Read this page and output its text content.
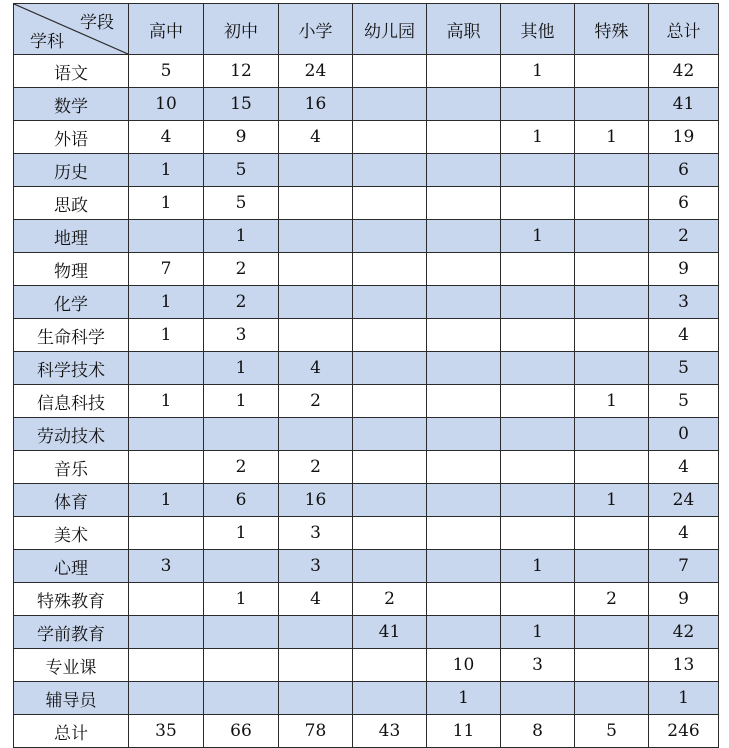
学段
学科	高中	初中	小学	幼儿园	高职	其他	特殊	总计
语文	5	12	24			1		42
数学	10	15	16					41
外语	4	9	4			1	1	19
历史	1	5						6
思政	1	5						6
地理		1				1		2
物理	7	2						9
化学	1	2						3
生命科学	1	3						4
科学技术		1	4					5
信息科技	1	1	2				1	5
劳动技术								0
音乐		2	2					4
体育	1	6	16				1	24
美术		1	3					4
心理	3		3			1		7
特殊教育		1	4	2			2	9
学前教育				41		1		42
专业课					10	3		13
辅导员					1			1
总计	35	66	78	43	11	8	5	246
